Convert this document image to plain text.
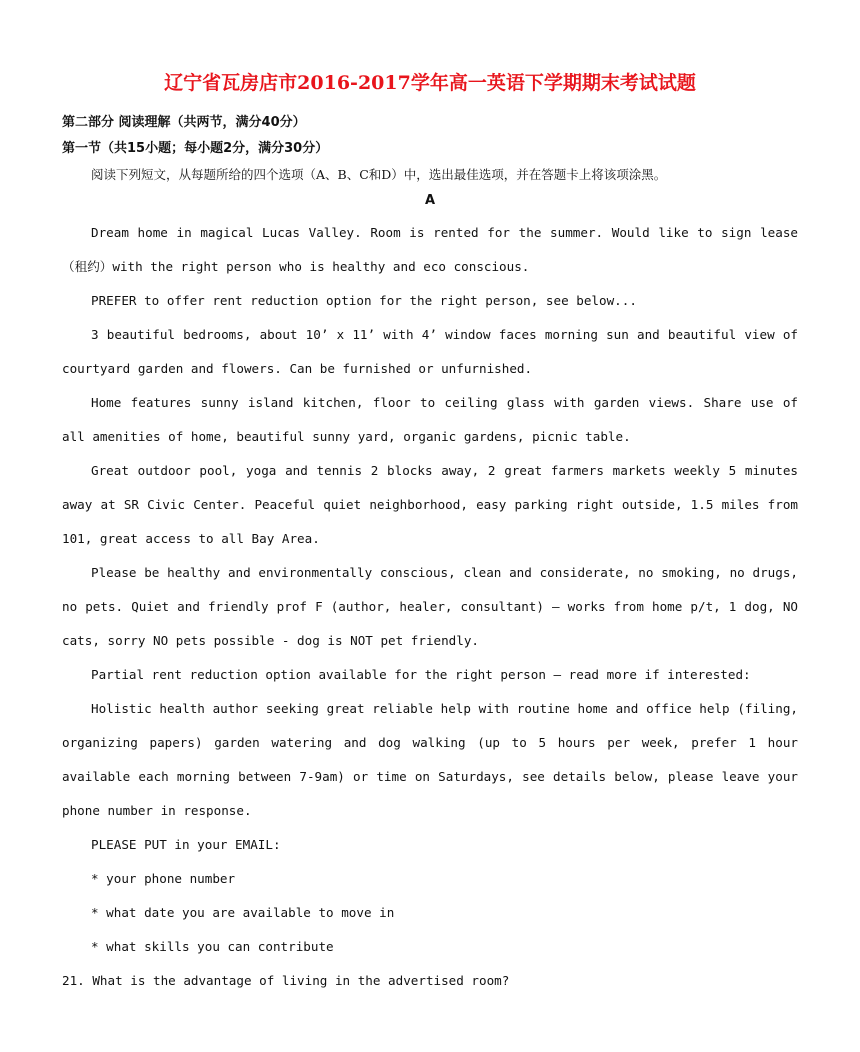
辽宁省瓦房店市2016-2017学年高一英语下学期期末考试试题

第二部分 阅读理解（共两节，满分40分）

第一节（共15小题；每小题2分，满分30分）

阅读下列短文，从每题所给的四个选项（A、B、C和D）中，选出最佳选项，并在答题卡上将该项涂黑。

A

Dream home in magical Lucas Valley. Room is rented for the summer. Would like to sign lease（租约）with the right person who is healthy and eco conscious.

PREFER to offer rent reduction option for the right person, see below...

3 beautiful bedrooms, about 10’ x 11’ with 4’ window faces morning sun and beautiful view of courtyard garden and flowers. Can be furnished or unfurnished.

Home features sunny island kitchen, floor to ceiling glass with garden views. Share use of all amenities of home, beautiful sunny yard, organic gardens, picnic table.

Great outdoor pool, yoga and tennis 2 blocks away, 2 great farmers markets weekly 5 minutes away at SR Civic Center. Peaceful quiet neighborhood, easy parking right outside, 1.5 miles from 101, great access to all Bay Area.

Please be healthy and environmentally conscious, clean and considerate, no smoking, no drugs, no pets. Quiet and friendly prof F (author, healer, consultant) — works from home p/t, 1 dog, NO cats, sorry NO pets possible - dog is NOT pet friendly.

Partial rent reduction option available for the right person — read more if interested:

Holistic health author seeking great reliable help with routine home and office help (filing, organizing papers) garden watering and dog walking (up to 5 hours per week, prefer 1 hour available each morning between 7-9am) or time on Saturdays, see details below, please leave your phone number in response.

PLEASE PUT in your EMAIL:

* your phone number

* what date you are available to move in

* what skills you can contribute

21. What is the advantage of living in the advertised room?
